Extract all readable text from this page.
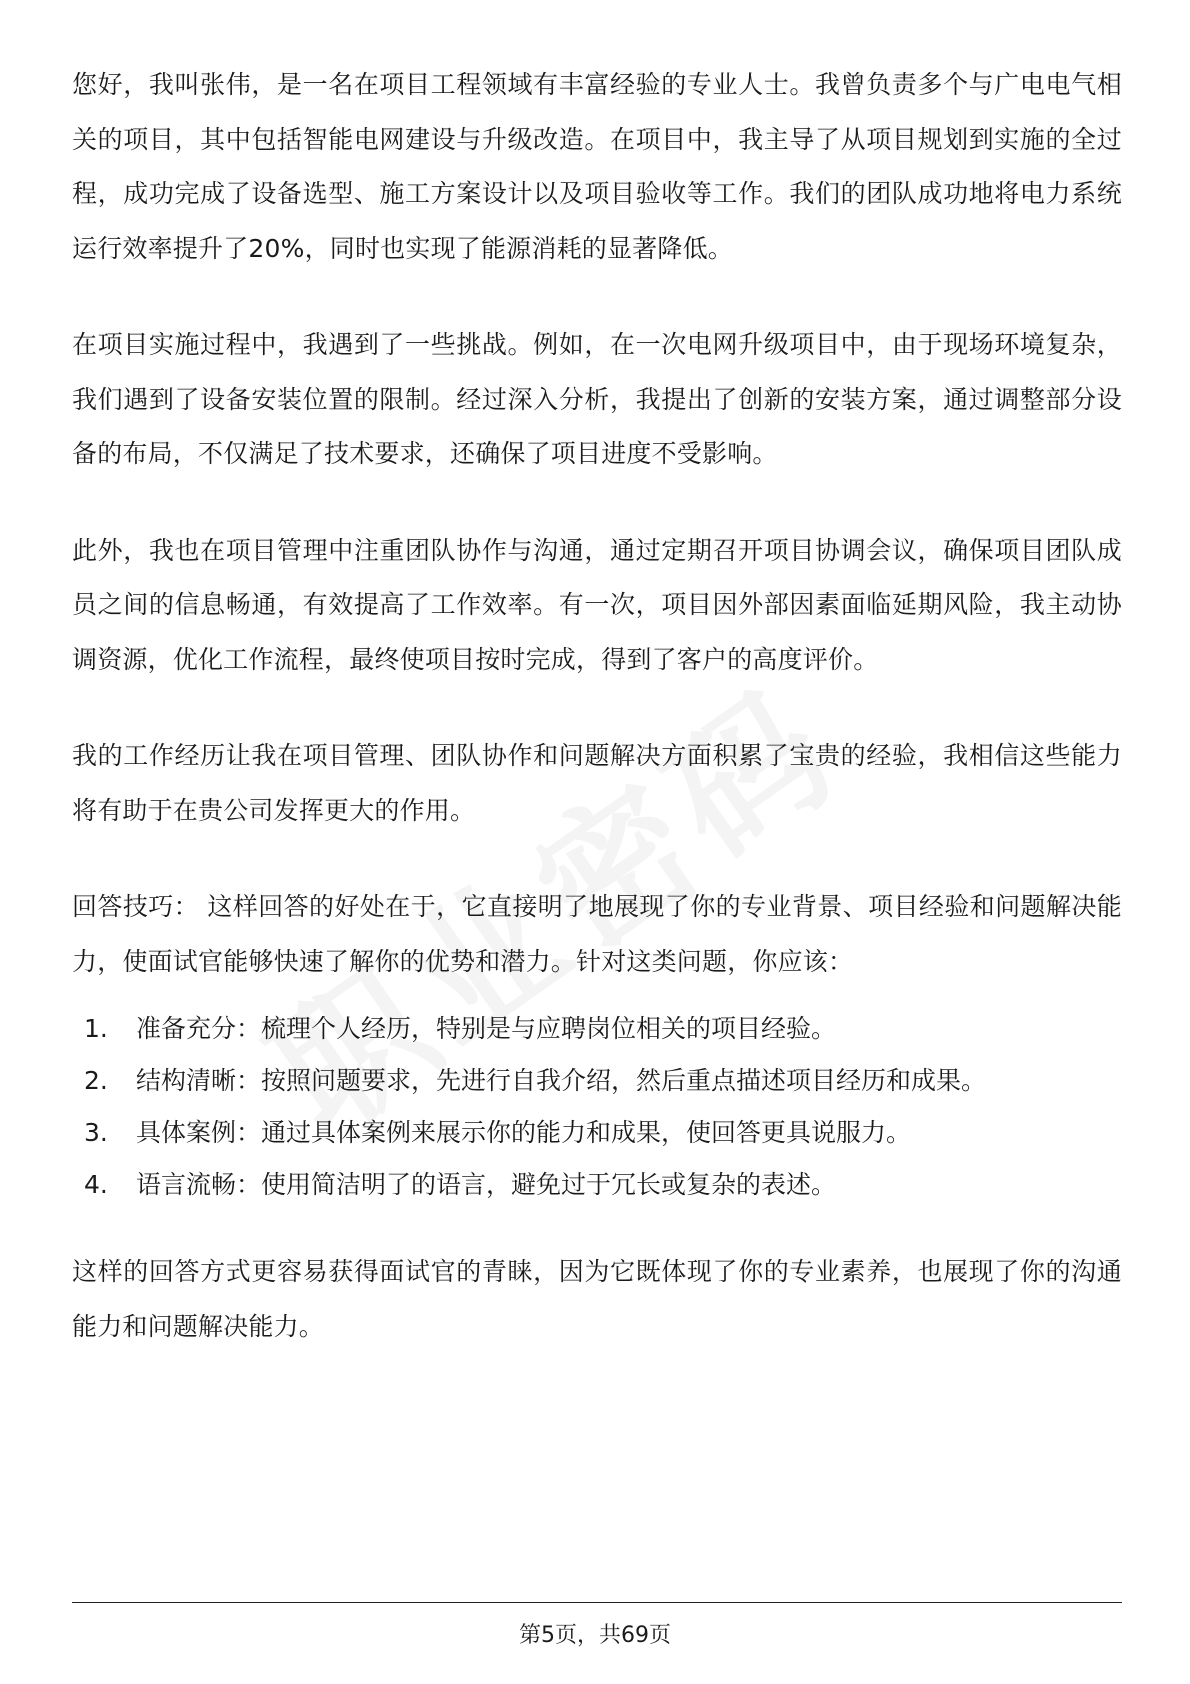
您好，我叫张伟，是一名在项目工程领域有丰富经验的专业人士。我曾负责多个与广电电气相关的项目，其中包括智能电网建设与升级改造。在项目中，我主导了从项目规划到实施的全过程，成功完成了设备选型、施工方案设计以及项目验收等工作。我们的团队成功地将电力系统运行效率提升了20%，同时也实现了能源消耗的显著降低。

在项目实施过程中，我遇到了一些挑战。例如，在一次电网升级项目中，由于现场环境复杂，我们遇到了设备安装位置的限制。经过深入分析，我提出了创新的安装方案，通过调整部分设备的布局，不仅满足了技术要求，还确保了项目进度不受影响。

此外，我也在项目管理中注重团队协作与沟通，通过定期召开项目协调会议，确保项目团队成员之间的信息畅通，有效提高了工作效率。有一次，项目因外部因素面临延期风险，我主动协调资源，优化工作流程，最终使项目按时完成，得到了客户的高度评价。

我的工作经历让我在项目管理、团队协作和问题解决方面积累了宝贵的经验，我相信这些能力将有助于在贵公司发挥更大的作用。

回答技巧： 这样回答的好处在于，它直接明了地展现了你的专业背景、项目经验和问题解决能力，使面试官能够快速了解你的优势和潜力。针对这类问题，你应该：

1.	准备充分：梳理个人经历，特别是与应聘岗位相关的项目经验。
2.	结构清晰：按照问题要求，先进行自我介绍，然后重点描述项目经历和成果。
3.	具体案例：通过具体案例来展示你的能力和成果，使回答更具说服力。
4.	语言流畅：使用简洁明了的语言，避免过于冗长或复杂的表述。

这样的回答方式更容易获得面试官的青睐，因为它既体现了你的专业素养，也展现了你的沟通能力和问题解决能力。

第5页，共69页
